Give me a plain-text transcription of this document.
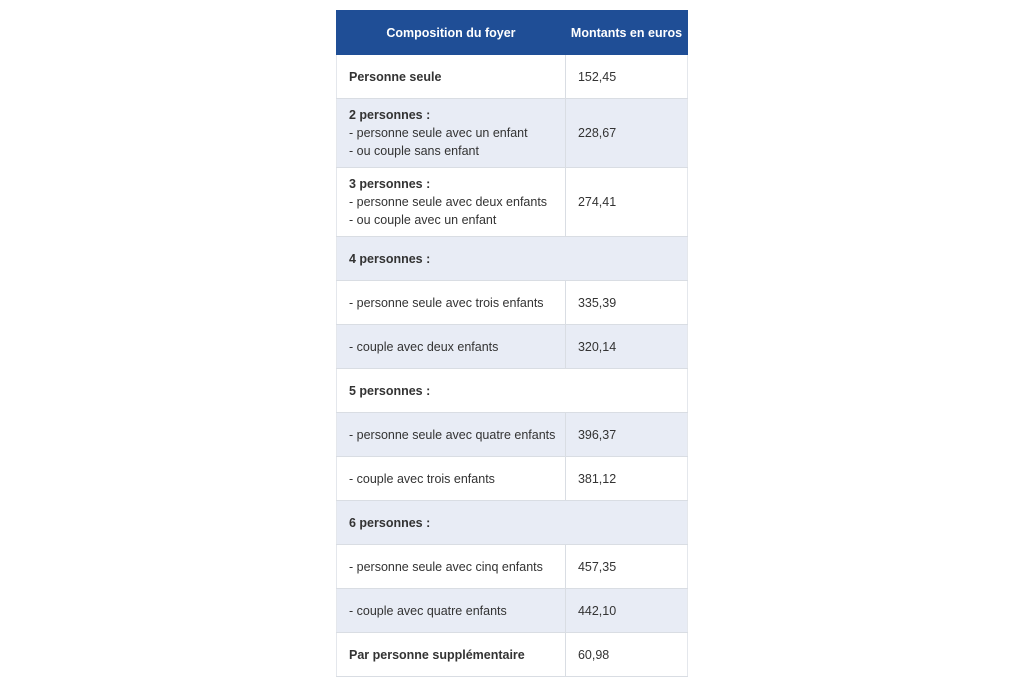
Composition du foyer	Montants en euros

Personne seule	152,45

2 personnes :
- personne seule avec un enfant
- ou couple sans enfant	228,67

3 personnes :
- personne seule avec deux enfants
- ou couple avec un enfant	274,41

4 personnes :	

- personne seule avec trois enfants	335,39

- couple avec deux enfants	320,14

5 personnes :	

- personne seule avec quatre enfants	396,37

- couple avec trois enfants	381,12

6 personnes :	

- personne seule avec cinq enfants	457,35

- couple avec quatre enfants	442,10

Par personne supplémentaire	60,98
